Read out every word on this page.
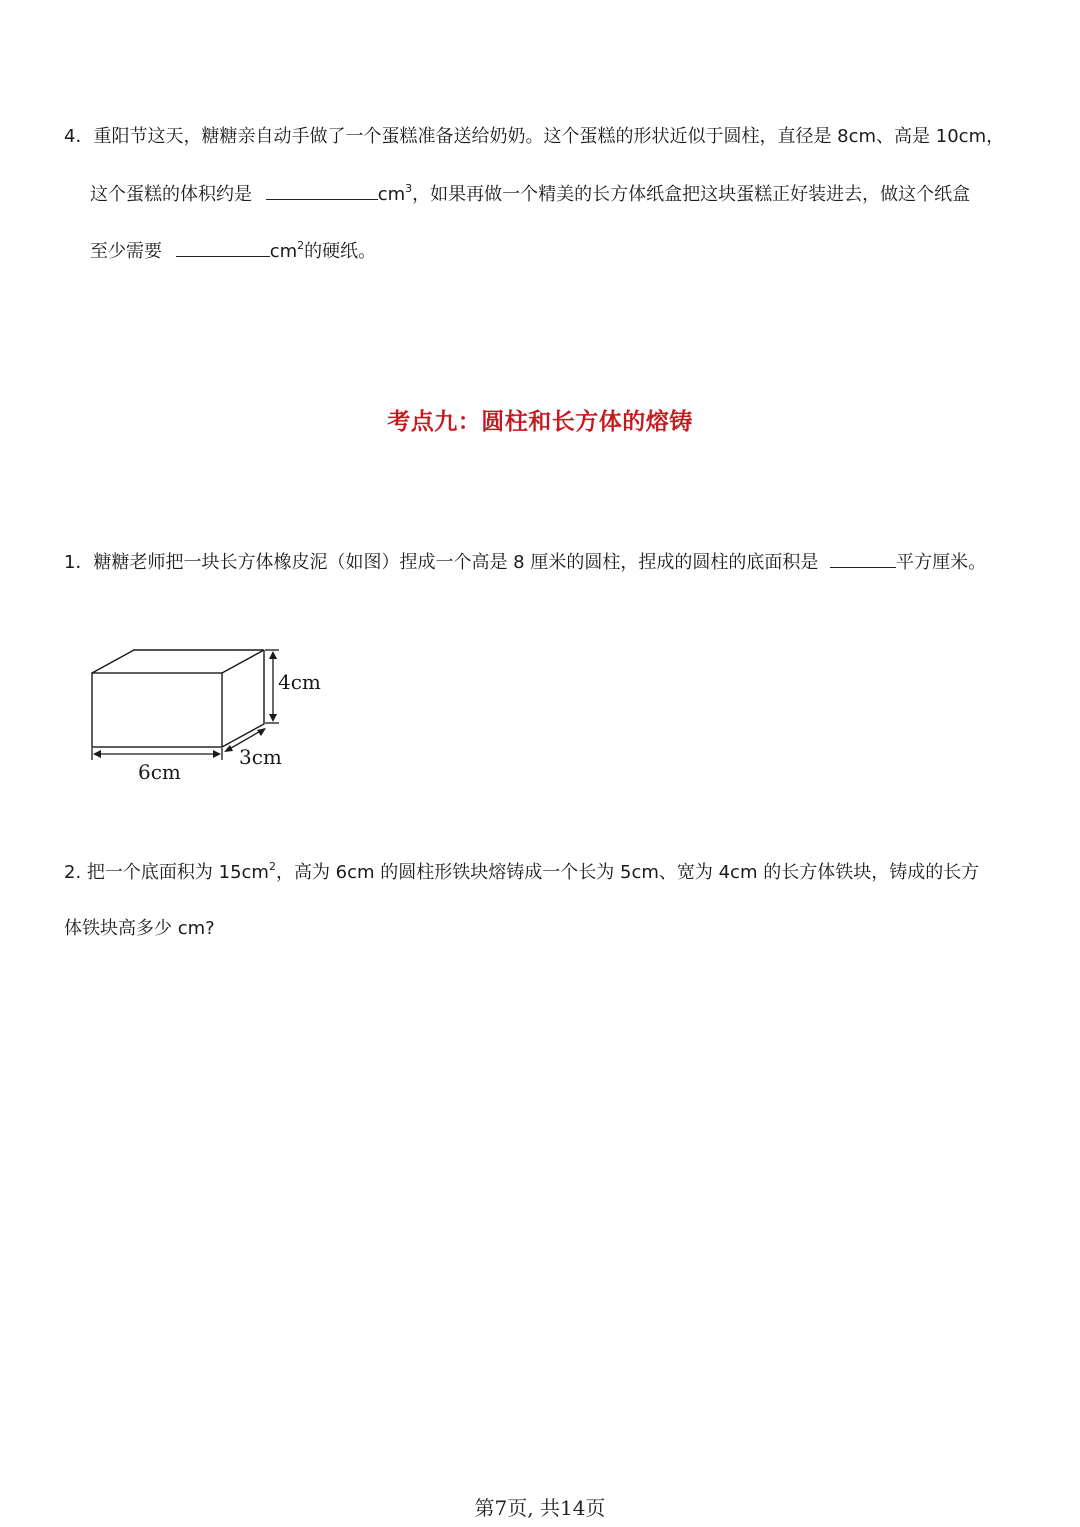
4．重阳节这天，糖糖亲自动手做了一个蛋糕准备送给奶奶。这个蛋糕的形状近似于圆柱，直径是 8cm、高是 10cm，
这个蛋糕的体积约是	$cm^3$，如果再做一个精美的长方体纸盒把这块蛋糕正好装进去，做这个纸盒
至少需要	$cm^2$的硬纸。
考点九：圆柱和长方体的熔铸
1．糖糖老师把一块长方体橡皮泥（如图）捏成一个高是 8 厘米的圆柱，捏成的圆柱的底面积是	平方厘米。
4cm
3cm
6cm
2. 把一个底面积为 $15cm^2$，高为 6cm 的圆柱形铁块熔铸成一个长为 5cm、宽为 4cm 的长方体铁块，铸成的长方
体铁块高多少 cm?
第7页, 共14页
